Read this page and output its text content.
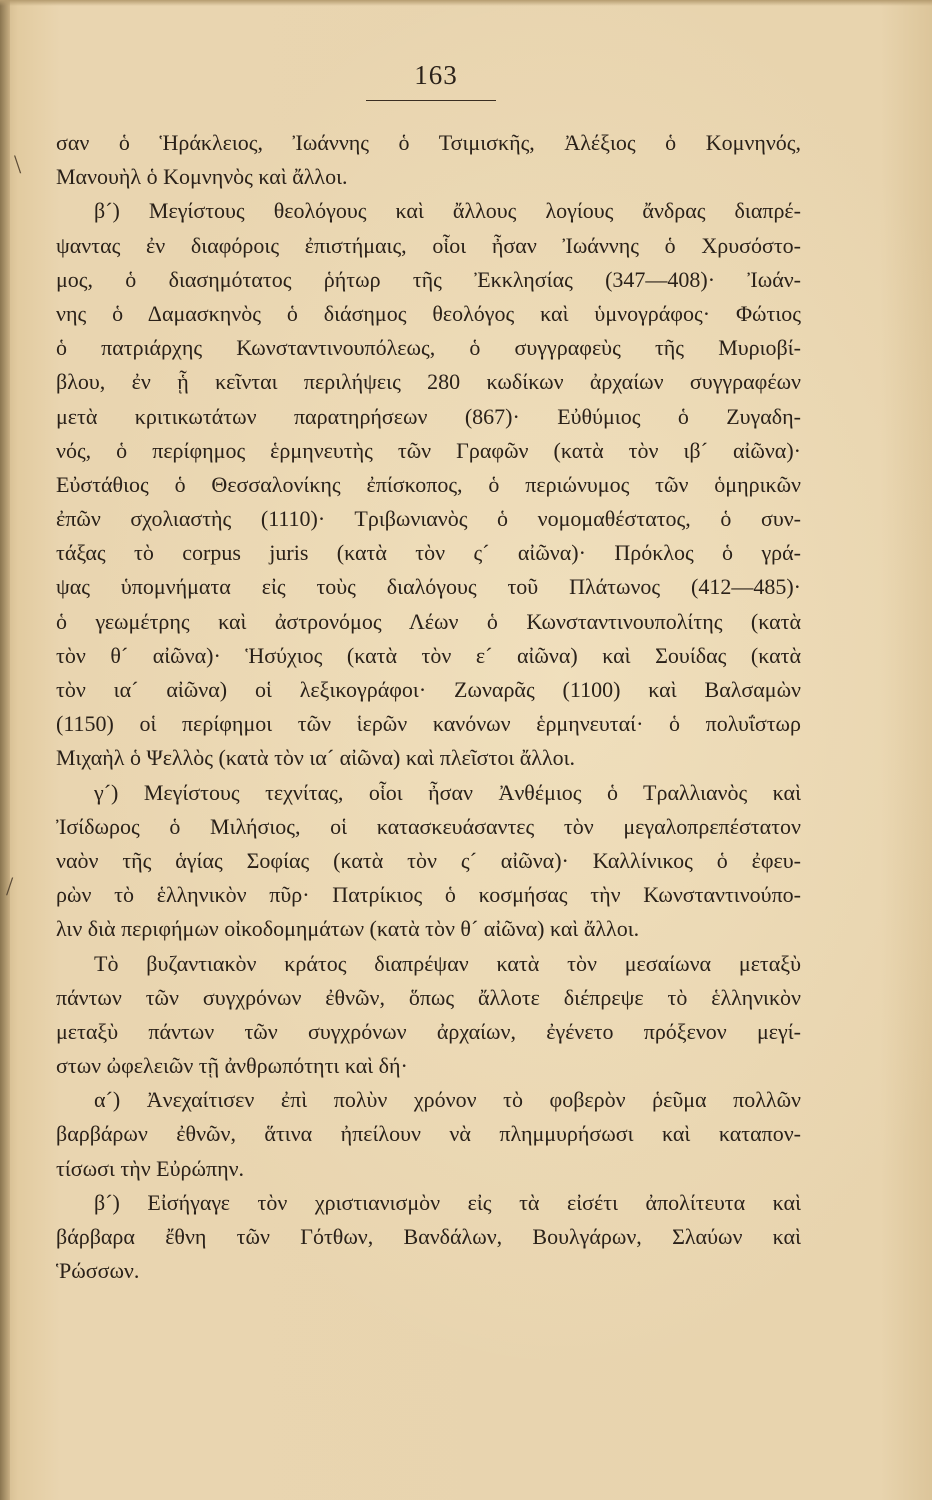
163
σαν ὁ Ἡράκλειος, Ἰωάννης ὁ Τσιμισκῆς, Ἀλέξιος ὁ Κομνηνός,
Μανουὴλ ὁ Κομνηνὸς καὶ ἄλλοι.
β´) Μεγίστους θεολόγους καὶ ἄλλους λογίους ἄνδρας διαπρέ-
ψαντας ἐν διαφόροις ἐπιστήμαις, οἷοι ἦσαν Ἰωάννης ὁ Χρυσόστο-
μος, ὁ διασημότατος ῥήτωρ τῆς Ἐκκλησίας (347—408)· Ἰωάν-
νης ὁ Δαμασκηνὸς ὁ διάσημος θεολόγος καὶ ὑμνογράφος· Φώτιος
ὁ πατριάρχης Κωνσταντινουπόλεως, ὁ συγγραφεὺς τῆς Μυριοβί-
βλου, ἐν ᾗ κεῖνται περιλήψεις 280 κωδίκων ἀρχαίων συγγραφέων
μετὰ κριτικωτάτων παρατηρήσεων (867)· Εὐθύμιος ὁ Ζυγαδη-
νός, ὁ περίφημος ἑρμηνευτὴς τῶν Γραφῶν (κατὰ τὸν ιβ´ αἰῶνα)·
Εὐστάθιος ὁ Θεσσαλονίκης ἐπίσκοπος, ὁ περιώνυμος τῶν ὁμηρικῶν
ἐπῶν σχολιαστὴς (1110)· Τριβωνιανὸς ὁ νομομαθέστατος, ὁ συν-
τάξας τὸ corpus juris (κατὰ τὸν ς´ αἰῶνα)· Πρόκλος ὁ γρά-
ψας ὑπομνήματα εἰς τοὺς διαλόγους τοῦ Πλάτωνος (412—485)·
ὁ γεωμέτρης καὶ ἀστρονόμος Λέων ὁ Κωνσταντινουπολίτης (κατὰ
τὸν θ´ αἰῶνα)· Ἡσύχιος (κατὰ τὸν ε´ αἰῶνα) καὶ Σουίδας (κατὰ
τὸν ια´ αἰῶνα) οἱ λεξικογράφοι· Ζωναρᾶς (1100) καὶ Βαλσαμὼν
(1150) οἱ περίφημοι τῶν ἱερῶν κανόνων ἑρμηνευταί· ὁ πολυΐστωρ
Μιχαὴλ ὁ Ψελλὸς (κατὰ τὸν ια´ αἰῶνα) καὶ πλεῖστοι ἄλλοι.
γ´) Μεγίστους τεχνίτας, οἷοι ἦσαν Ἀνθέμιος ὁ Τραλλιανὸς καὶ
Ἰσίδωρος ὁ Μιλήσιος, οἱ κατασκευάσαντες τὸν μεγαλοπρεπέστατον
ναὸν τῆς ἁγίας Σοφίας (κατὰ τὸν ς´ αἰῶνα)· Καλλίνικος ὁ ἐφευ-
ρὼν τὸ ἑλληνικὸν πῦρ· Πατρίκιος ὁ κοσμήσας τὴν Κωνσταντινούπο-
λιν διὰ περιφήμων οἰκοδομημάτων (κατὰ τὸν θ´ αἰῶνα) καὶ ἄλλοι.
Τὸ βυζαντιακὸν κράτος διαπρέψαν κατὰ τὸν μεσαίωνα μεταξὺ
πάντων τῶν συγχρόνων ἐθνῶν, ὅπως ἄλλοτε διέπρεψε τὸ ἑλληνικὸν
μεταξὺ πάντων τῶν συγχρόνων ἀρχαίων, ἐγένετο πρόξενον μεγί-
στων ὠφελειῶν τῇ ἀνθρωπότητι καὶ δή·
α´) Ἀνεχαίτισεν ἐπὶ πολὺν χρόνον τὸ φοβερὸν ῥεῦμα πολλῶν
βαρβάρων ἐθνῶν, ἅτινα ἠπείλουν νὰ πλημμυρήσωσι καὶ καταπον-
τίσωσι τὴν Εὐρώπην.
β´) Εἰσήγαγε τὸν χριστιανισμὸν εἰς τὰ εἰσέτι ἀπολίτευτα καὶ
βάρβαρα ἔθνη τῶν Γότθων, Βανδάλων, Βουλγάρων, Σλαύων καὶ
Ῥώσσων.
\
/
